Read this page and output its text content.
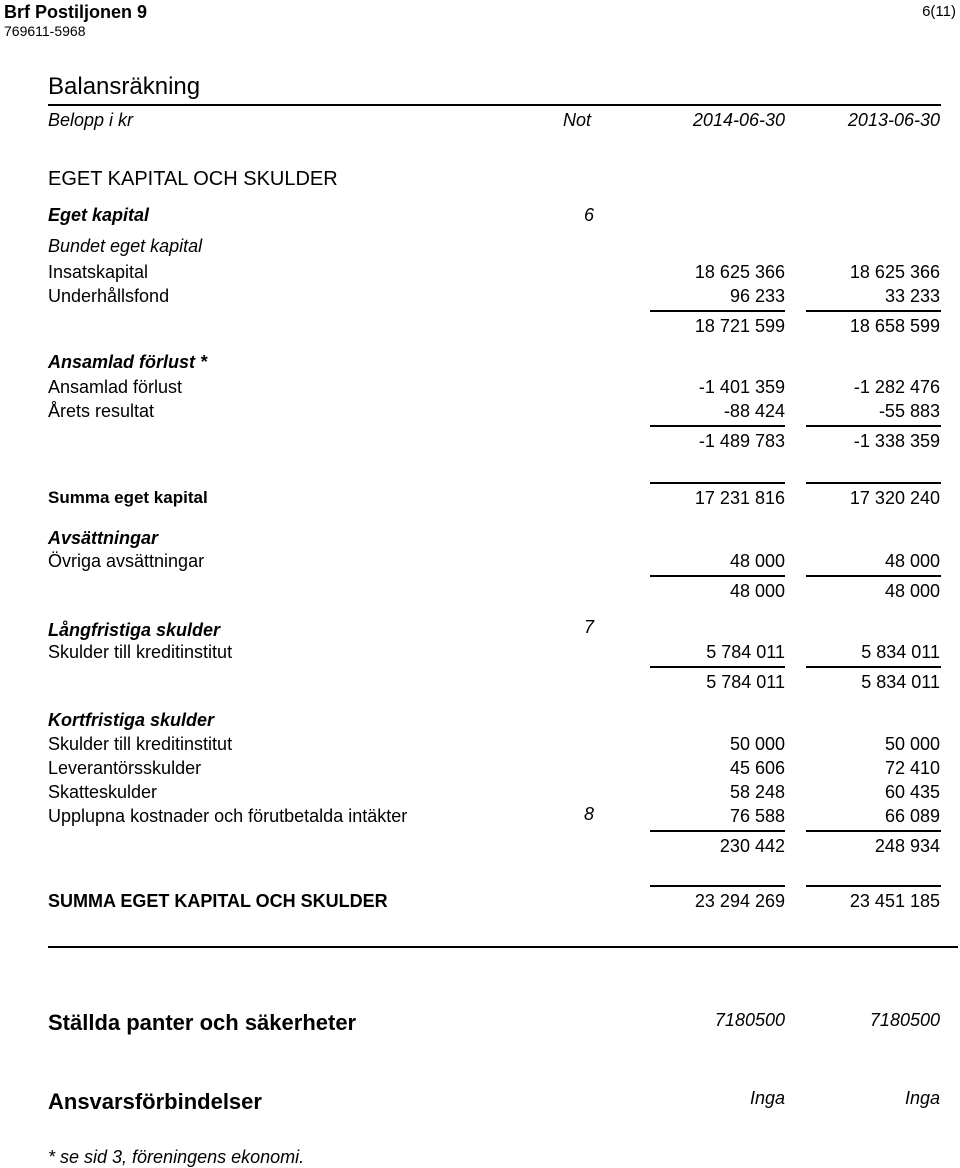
Brf Postiljonen 9
769611-5968
6(11)
Balansräkning
Belopp i kr	Not	2014-06-30	2013-06-30
EGET KAPITAL OCH SKULDER
Eget kapital	6
Bundet eget kapital
Insatskapital	18 625 366	18 625 366
Underhållsfond	96 233	33 233
18 721 599	18 658 599
Ansamlad förlust *
Ansamlad förlust	-1 401 359	-1 282 476
Årets resultat	-88 424	-55 883
-1 489 783	-1 338 359
Summa eget kapital	17 231 816	17 320 240
Avsättningar
Övriga avsättningar	48 000	48 000
48 000	48 000
Långfristiga skulder	7
Skulder till kreditinstitut	5 784 011	5 834 011
5 784 011	5 834 011
Kortfristiga skulder
Skulder till kreditinstitut	50 000	50 000
Leverantörsskulder	45 606	72 410
Skatteskulder	58 248	60 435
Upplupna kostnader och förutbetalda intäkter	8	76 588	66 089
230 442	248 934
SUMMA EGET KAPITAL OCH SKULDER	23 294 269	23 451 185
Ställda panter och säkerheter	7180500	7180500
Ansvarsförbindelser	Inga	Inga
* se sid 3, föreningens ekonomi.
